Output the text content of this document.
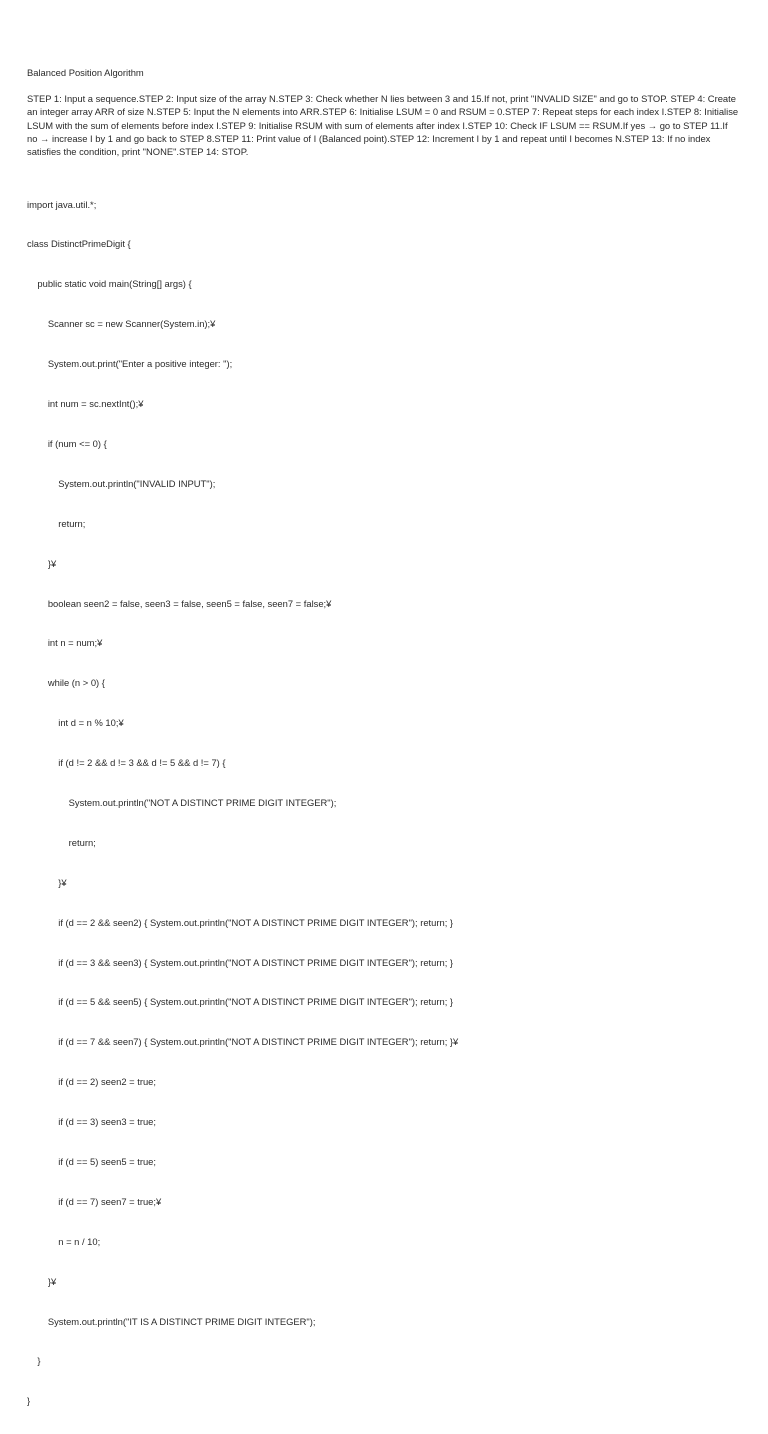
Balanced Position Algorithm
STEP 1: Input a sequence.STEP 2: Input size of the array N.STEP 3: Check whether N lies between 3 and 15.If not, print "INVALID SIZE" and go to STOP. STEP 4: Create an integer array ARR of size N.STEP 5: Input the N elements into ARR.STEP 6: Initialise LSUM = 0 and RSUM = 0.STEP 7: Repeat steps for each index I.STEP 8: Initialise LSUM with the sum of elements before index I.STEP 9: Initialise RSUM with sum of elements after index I.STEP 10: Check IF LSUM == RSUM.If yes → go to STEP 11.If no → increase I by 1 and go back to STEP 8.STEP 11: Print value of I (Balanced point).STEP 12: Increment I by 1 and repeat until I becomes N.STEP 13: If no index satisfies the condition, print "NONE".STEP 14: STOP.

import java.util.*;

class DistinctPrimeDigit {

public static void main(String[] args) {

Scanner sc = new Scanner(System.in);¥

System.out.print("Enter a positive integer: ");

int num = sc.nextInt();¥

if (num <= 0) {

System.out.println("INVALID INPUT");

return;

}¥

boolean seen2 = false, seen3 = false, seen5 = false, seen7 = false;¥

int n = num;¥

while (n > 0) {

int d = n % 10;¥

if (d != 2 && d != 3 && d != 5 && d != 7) {

System.out.println("NOT A DISTINCT PRIME DIGIT INTEGER");

return;

}¥

if (d == 2 && seen2) { System.out.println("NOT A DISTINCT PRIME DIGIT INTEGER"); return; }

if (d == 3 && seen3) { System.out.println("NOT A DISTINCT PRIME DIGIT INTEGER"); return; }

if (d == 5 && seen5) { System.out.println("NOT A DISTINCT PRIME DIGIT INTEGER"); return; }

if (d == 7 && seen7) { System.out.println("NOT A DISTINCT PRIME DIGIT INTEGER"); return; }¥

if (d == 2) seen2 = true;

if (d == 3) seen3 = true;

if (d == 5) seen5 = true;

if (d == 7) seen7 = true;¥

n = n / 10;

}¥

System.out.println("IT IS A DISTINCT PRIME DIGIT INTEGER");

}

}
